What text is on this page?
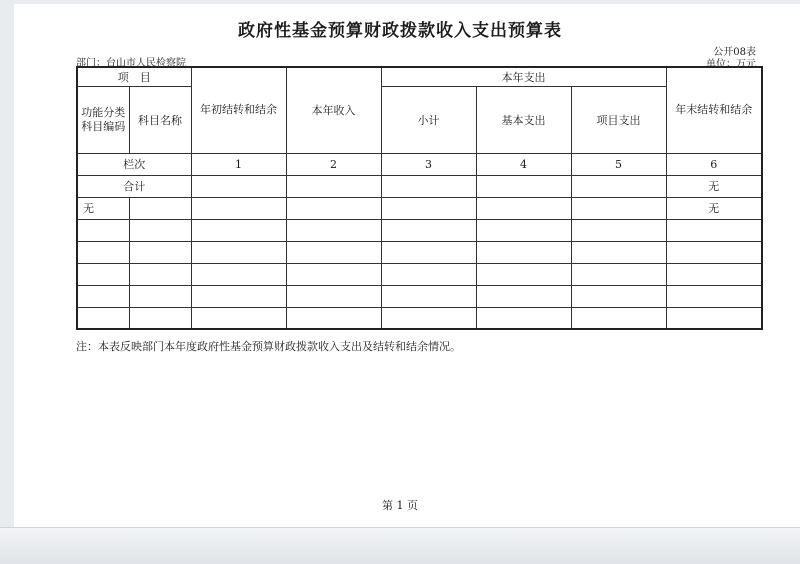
政府性基金预算财政拨款收入支出预算表
公开08表
部门：台山市人民检察院	单位：万元
项　目		年初结转和结余	本年收入	本年支出			年末结转和结余
功能分类科目编码	科目名称			小计	基本支出	项目支出	

栏次		1	2	3	4	5	6
合计							无
无							无

注：本表反映部门本年度政府性基金预算财政拨款收入支出及结转和结余情况。
第 1 页
